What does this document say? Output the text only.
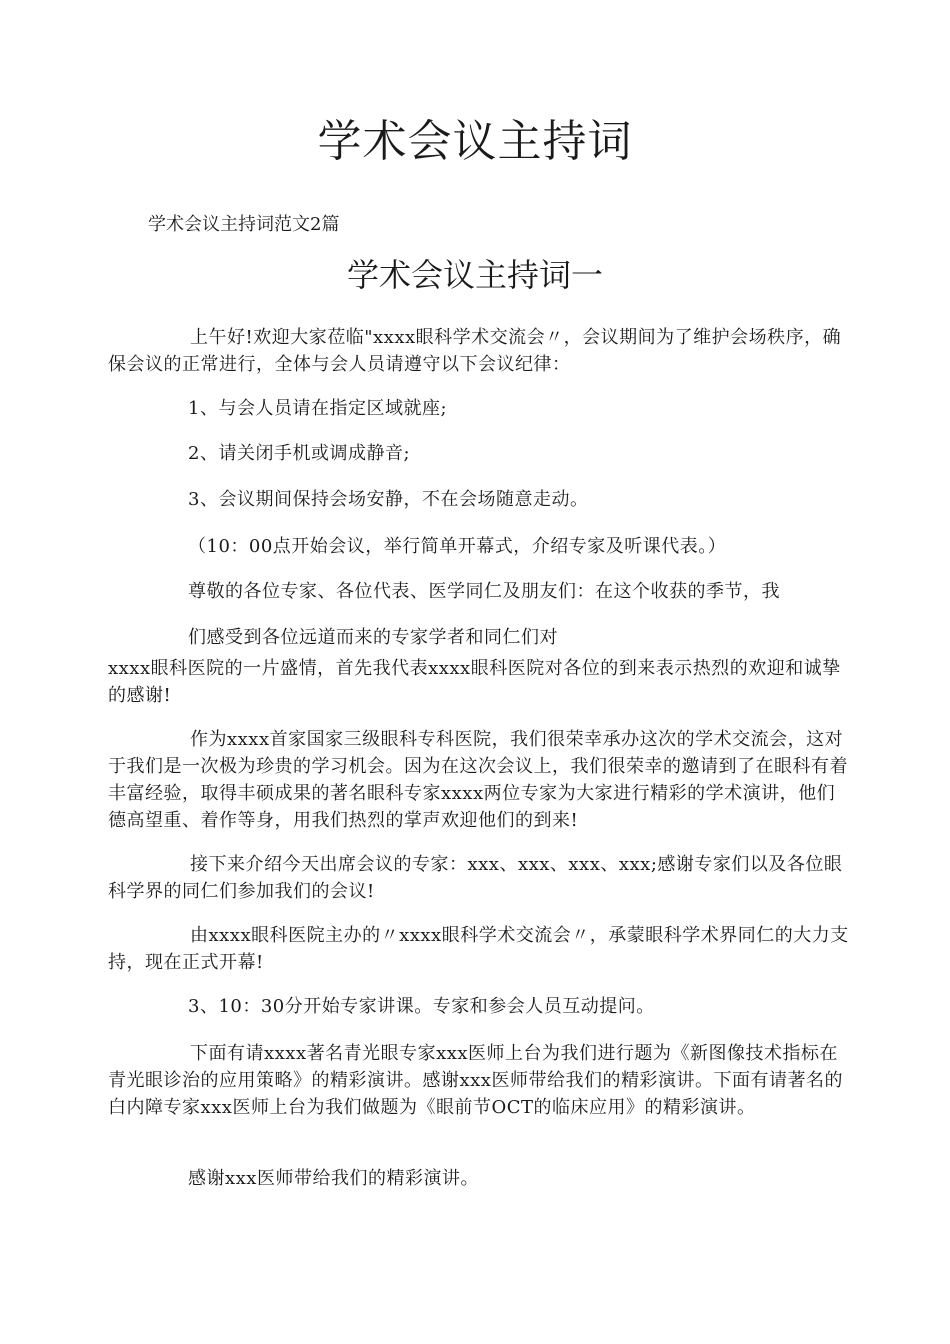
学术会议主持词
学术会议主持词范文2篇
学术会议主持词一

上午好!欢迎大家莅临"xxxx眼科学术交流会〃，会议期间为了维护会场秩序，确保会议的正常进行，全体与会人员请遵守以下会议纪律：

1、与会人员请在指定区域就座;
2、请关闭手机或调成静音;
3、会议期间保持会场安静，不在会场随意走动。
（10：00点开始会议，举行简单开幕式，介绍专家及听课代表。）
尊敬的各位专家、各位代表、医学同仁及朋友们：在这个收获的季节，我
们感受到各位远道而来的专家学者和同仁们对

xxxx眼科医院的一片盛情，首先我代表xxxx眼科医院对各位的到来表示热烈的欢迎和诚挚的感谢!

作为xxxx首家国家三级眼科专科医院，我们很荣幸承办这次的学术交流会，这对于我们是一次极为珍贵的学习机会。因为在这次会议上，我们很荣幸的邀请到了在眼科有着丰富经验，取得丰硕成果的著名眼科专家xxxx两位专家为大家进行精彩的学术演讲，他们德高望重、着作等身，用我们热烈的掌声欢迎他们的到来!

接下来介绍今天出席会议的专家：xxx、xxx、xxx、xxx;感谢专家们以及各位眼科学界的同仁们参加我们的会议!

由xxxx眼科医院主办的〃xxxx眼科学术交流会〃，承蒙眼科学术界同仁的大力支持，现在正式开幕!

3、10：30分开始专家讲课。专家和参会人员互动提问。

下面有请xxxx著名青光眼专家xxx医师上台为我们进行题为《新图像技术指标在青光眼诊治的应用策略》的精彩演讲。感谢xxx医师带给我们的精彩演讲。下面有请著名的白内障专家xxx医师上台为我们做题为《眼前节OCT的临床应用》的精彩演讲。

感谢xxx医师带给我们的精彩演讲。
